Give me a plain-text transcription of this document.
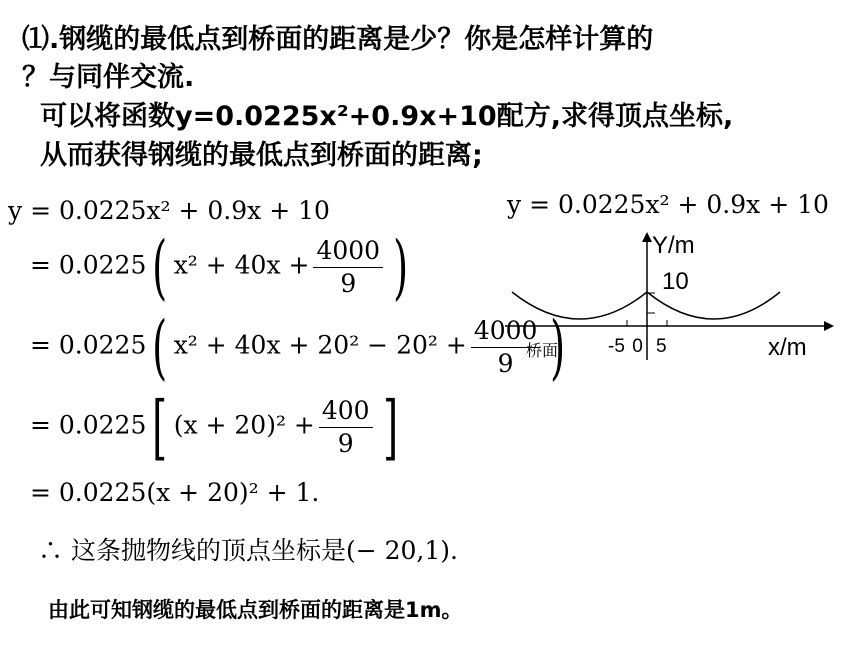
⑴.钢缆的最低点到桥面的距离是少？你是怎样计算的
？与同伴交流.
可以将函数y=0.0225x²+0.9x+10配方,求得顶点坐标,
从而获得钢缆的最低点到桥面的距离;
y = 0.0225x² + 0.9x + 10
= 0.0225( $x^2 + 40x + \frac{4000}{9}$ )
= 0.0225( $x^2 + 40x + 20^2 - 20^2 + \frac{4000}{9}$ )
= 0.0225[ $(x + 20)^2 + \frac{400}{9}$ ]
= 0.0225(x + 20)² + 1.
∴ 这条抛物线的顶点坐标是(− 20,1).
y = 0.0225x² + 0.9x + 10
Y/m
10
桥面	-5 0 5	x/m
由此可知钢缆的最低点到桥面的距离是1m。
